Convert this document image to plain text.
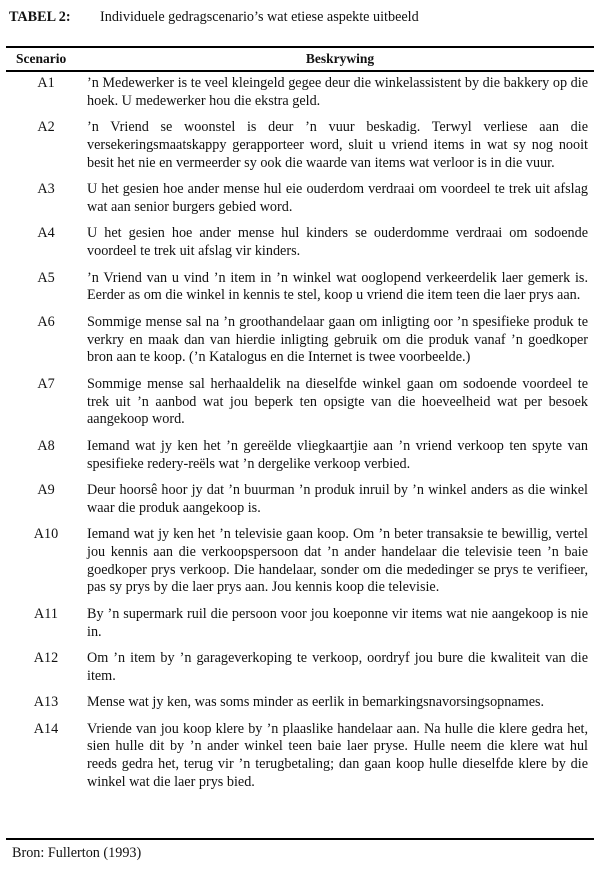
TABEL 2: Individuele gedragscenario’s wat etiese aspekte uitbeeld
Scenario	Beskrywing
A1	’n Medewerker is te veel kleingeld gegee deur die winkelassistent by die bakkery op die hoek. U medewerker hou die ekstra geld.
A2	’n Vriend se woonstel is deur ’n vuur beskadig. Terwyl verliese aan die versekeringsmaatskappy gerapporteer word, sluit u vriend items in wat sy nog nooit besit het nie en vermeerder sy ook die waarde van items wat verloor is in die vuur.
A3	U het gesien hoe ander mense hul eie ouderdom verdraai om voordeel te trek uit afslag wat aan senior burgers gebied word.
A4	U het gesien hoe ander mense hul kinders se ouderdomme verdraai om sodoende voordeel te trek uit afslag vir kinders.
A5	’n Vriend van u vind ’n item in ’n winkel wat ooglopend verkeerdelik laer gemerk is. Eerder as om die winkel in kennis te stel, koop u vriend die item teen die laer prys aan.
A6	Sommige mense sal na ’n groothandelaar gaan om inligting oor ’n spesifieke produk te verkry en maak dan van hierdie inligting gebruik om die produk vanaf ’n goedkoper bron aan te koop. (’n Katalogus en die Internet is twee voorbeelde.)
A7	Sommige mense sal herhaaldelik na dieselfde winkel gaan om sodoende voordeel te trek uit ’n aanbod wat jou beperk ten opsigte van die hoeveelheid wat per besoek aangekoop word.
A8	Iemand wat jy ken het ’n gereëlde vliegkaartjie aan ’n vriend verkoop ten spyte van spesifieke redery-reëls wat ’n dergelike verkoop verbied.
A9	Deur hoorsê hoor jy dat ’n buurman ’n produk inruil by ’n winkel anders as die winkel waar die produk aangekoop is.
A10	Iemand wat jy ken het ’n televisie gaan koop. Om ’n beter transaksie te bewillig, vertel jou kennis aan die verkoopspersoon dat ’n ander handelaar die televisie teen ’n baie goedkoper prys verkoop. Die handelaar, sonder om die mededinger se prys te verifieer, pas sy prys by die laer prys aan. Jou kennis koop die televisie.
A11	By ’n supermark ruil die persoon voor jou koeponne vir items wat nie aangekoop is nie in.
A12	Om ’n item by ’n garageverkoping te verkoop, oordryf jou bure die kwaliteit van die item.
A13	Mense wat jy ken, was soms minder as eerlik in bemarkingsnavorsingsopnames.
A14	Vriende van jou koop klere by ’n plaaslike handelaar aan. Na hulle die klere gedra het, sien hulle dit by ’n ander winkel teen baie laer pryse. Hulle neem die klere wat hul reeds gedra het, terug vir ’n terugbetaling; dan gaan koop hulle dieselfde klere by die winkel wat die laer prys bied.
Bron: Fullerton (1993)
